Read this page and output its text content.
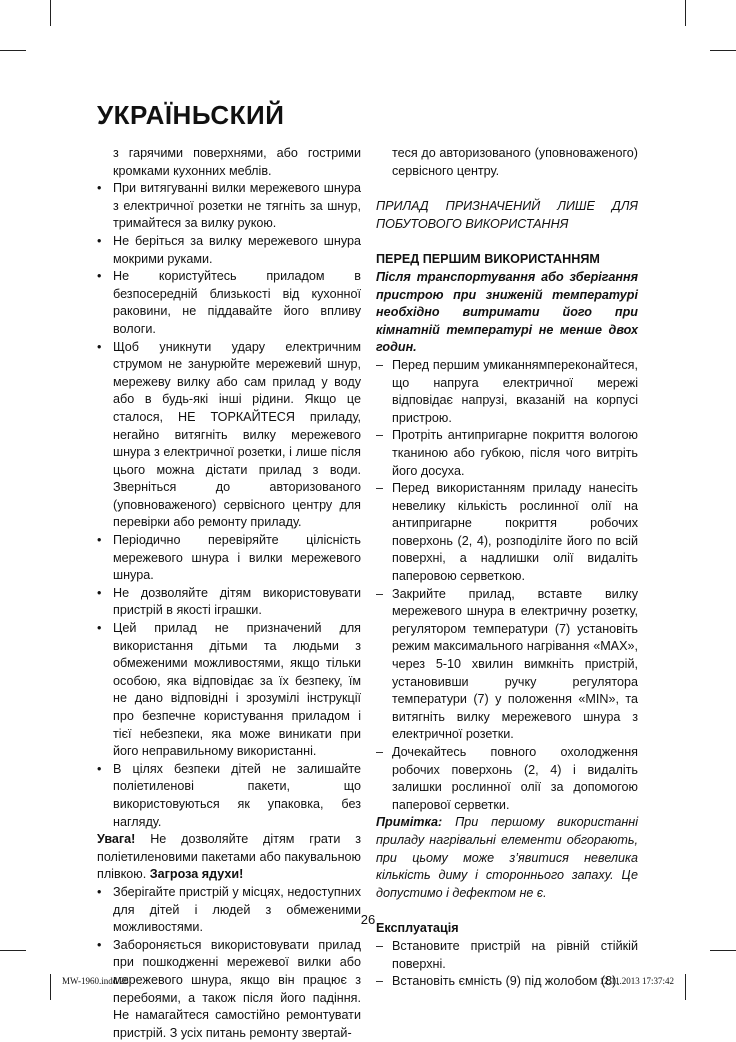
УКРАЇНЬСКИЙ

з гарячими поверхнями, або гострими кромками кухонних меблів.

• При витягуванні вилки мережевого шнура з електричної розетки не тягніть за шнур, тримайтеся за вилку рукою.
• Не беріться за вилку мережевого шнура мокрими руками.
• Не користуйтесь приладом в безпосередній близькості від кухонної раковини, не піддавайте його впливу вологи.
• Щоб уникнути удару електричним струмом не занурюйте мережевий шнур, мережеву вилку або сам прилад у воду або в будь-які інші рідини. Якщо це сталося, НЕ ТОРКАЙТЕСЯ приладу, негайно витягніть вилку мережевого шнура з електричної розетки, і лише після цього можна дістати прилад з води. Зверніться до авторизованого (уповноваженого) сервісного центру для перевірки або ремонту приладу.
• Періодично перевіряйте цілісність мережевого шнура і вилки мережевого шнура.
• Не дозволяйте дітям використовувати пристрій в якості іграшки.
• Цей прилад не призначений для використання дітьми та людьми з обмеженими можливостями, якщо тільки особою, яка відповідає за їх безпеку, їм не дано відповідні і зрозумілі інструкції про безпечне користування приладом і тієї небезпеки, яка може виникати при його неправильному використанні.
• В цілях безпеки дітей не залишайте поліетиленові пакети, що використовуються як упаковка, без нагляду.

Увага! Не дозволяйте дітям грати з поліетиленовими пакетами або пакувальною плівкою. Загроза ядухи!

• Зберігайте пристрій у місцях, недоступних для дітей і людей з обмеженими можливостями.
• Забороняється використовувати прилад при пошкодженні мережевої вилки або мережевого шнура, якщо він працює з перебоями, а також після його падіння. Не намагайтеся самостійно ремонтувати пристрій. З усіх питань ремонту звертай-

теся до авторизованого (уповноваженого) сервісного центру.

ПРИЛАД ПРИЗНАЧЕНИЙ ЛИШЕ ДЛЯ ПОБУТОВОГО ВИКОРИСТАННЯ

ПЕРЕД ПЕРШИМ ВИКОРИСТАННЯМ

Після транспортування або зберігання пристрою при зниженій температурі необхідно витримати його при кімнатній температурі не менше двох годин.

– Перед першим умиканнямпереконайтеся, що напруга електричної мережі відповідає напрузі, вказаній на корпусі пристрою.
– Протріть антипригарне покриття вологою тканиною або губкою, після чого витріть його досуха.
– Перед використанням приладу нанесіть невелику кількість рослинної олії на антипригарне покриття робочих поверхонь (2, 4), розподіліте його по всій поверхні, а надлишки олії видаліть паперовою серветкою.
– Закрийте прилад, вставте вилку мережевого шнура в електричну розетку, регулятором температури (7) установіть режим максимального нагрівання «MAX», через 5-10 хвилин вимкніть пристрій, установивши ручку регулятора температури (7) у положення «MIN», та витягніть вилку мережевого шнура з електричної розетки.
– Дочекайтесь повного охолодження робочих поверхонь (2, 4) і видаліть залишки рослинної олії за допомогою паперової серветки.

Примітка: При першому використанні приладу нагрівальні елементи обгорають, при цьому може з’явитися невелика кількість диму і стороннього запаху. Це допустимо і дефектом не є.

Експлуатація

– Встановите пристрій на рівній стійкій поверхні.
– Встановіть ємність (9) під жолобом (8).
26
MW-1960.indd 26	12.11.2013 17:37:42
